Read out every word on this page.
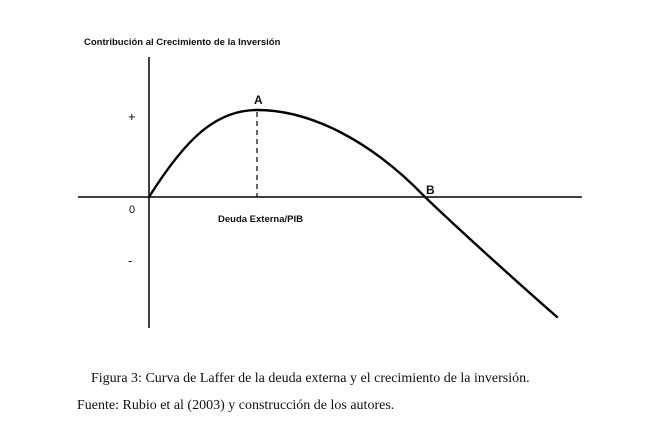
Contribución al Crecimiento de la Inversión
+
0
-
Deuda Externa/PIB
A
B
Figura 3: Curva de Laffer de la deuda externa y el crecimiento de la inversión.
Fuente: Rubio et al (2003) y construcción de los autores.
